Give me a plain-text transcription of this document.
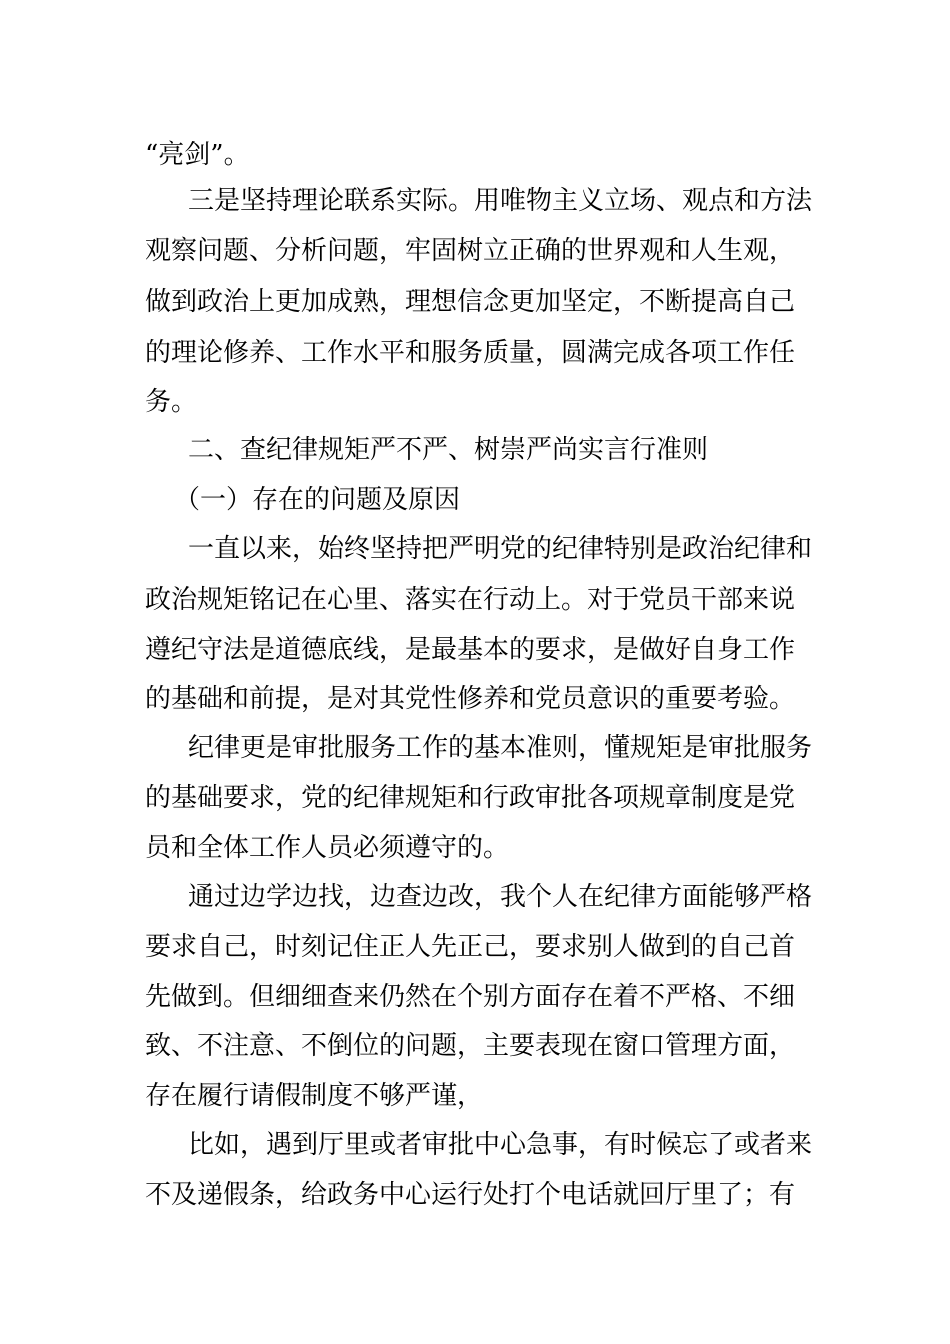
“亮剑”。
三是坚持理论联系实际。用唯物主义立场、观点和方法
观察问题、分析问题，牢固树立正确的世界观和人生观，
做到政治上更加成熟，理想信念更加坚定，不断提高自己
的理论修养、工作水平和服务质量，圆满完成各项工作任
务。
二、查纪律规矩严不严、树崇严尚实言行准则
（一）存在的问题及原因
一直以来，始终坚持把严明党的纪律特别是政治纪律和
政治规矩铭记在心里、落实在行动上。对于党员干部来说
遵纪守法是道德底线，是最基本的要求，是做好自身工作
的基础和前提，是对其党性修养和党员意识的重要考验。
纪律更是审批服务工作的基本准则，懂规矩是审批服务
的基础要求，党的纪律规矩和行政审批各项规章制度是党
员和全体工作人员必须遵守的。
通过边学边找，边查边改，我个人在纪律方面能够严格
要求自己，时刻记住正人先正己，要求别人做到的自己首
先做到。但细细查来仍然在个别方面存在着不严格、不细
致、不注意、不倒位的问题，主要表现在窗口管理方面，
存在履行请假制度不够严谨，
比如，遇到厅里或者审批中心急事，有时候忘了或者来
不及递假条，给政务中心运行处打个电话就回厅里了；有
